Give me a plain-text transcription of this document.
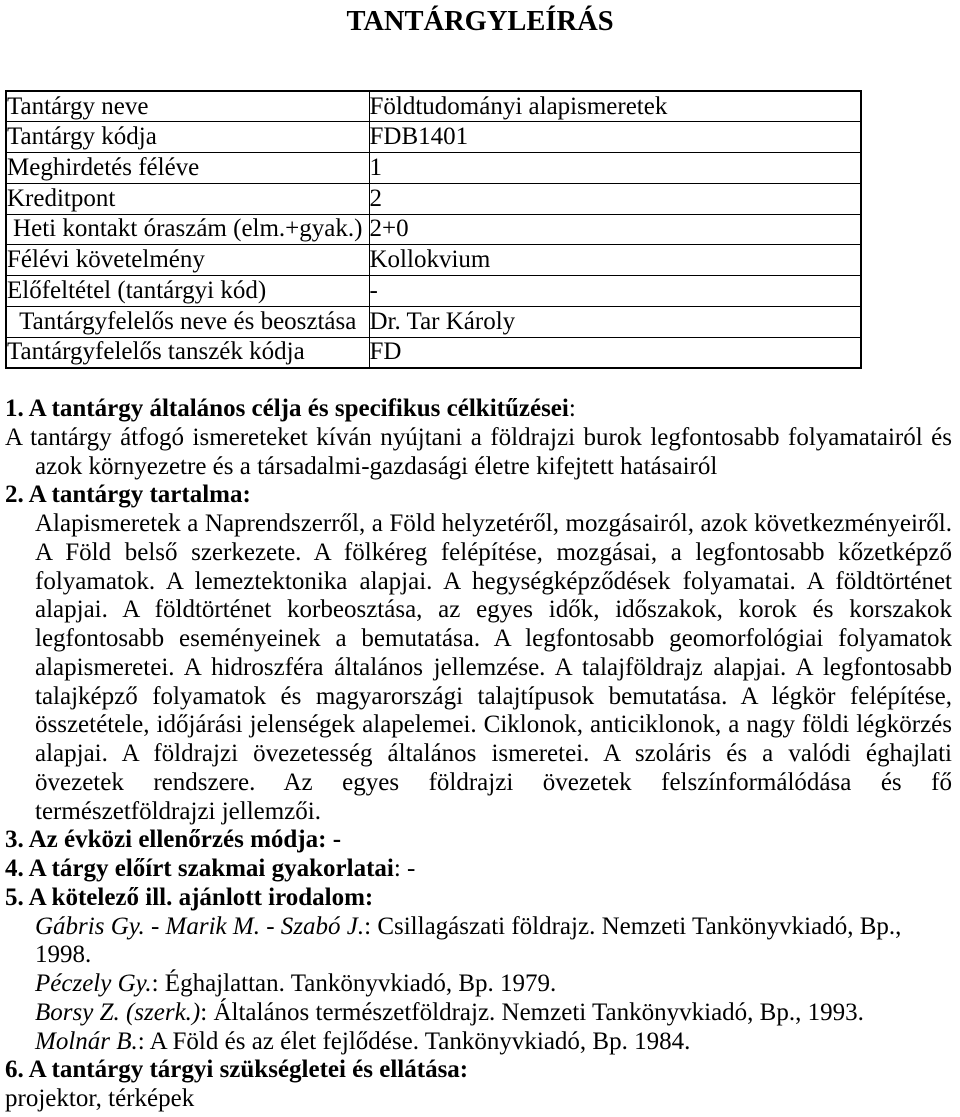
TANTÁRGYLEÍRÁS
Tantárgy neve	Földtudományi alapismeretek
Tantárgy kódja	FDB1401
Meghirdetés féléve	1
Kreditpont	2
Heti kontakt óraszám (elm.+gyak.)	2+0
Félévi követelmény	Kollokvium
Előfeltétel (tantárgyi kód)	-
Tantárgyfelelős neve és beosztása	Dr. Tar Károly
Tantárgyfelelős tanszék kódja	FD
1. A tantárgy általános célja és specifikus célkitűzései:
A tantárgy átfogó ismereteket kíván nyújtani a földrajzi burok legfontosabb folyamatairól és
azok környezetre és a társadalmi-gazdasági életre kifejtett hatásairól
2. A tantárgy tartalma:
Alapismeretek a Naprendszerről, a Föld helyzetéről, mozgásairól, azok következményeiről.
A Föld belső szerkezete. A fölkéreg felépítése, mozgásai, a legfontosabb kőzetképző
folyamatok. A lemeztektonika alapjai. A hegységképződések folyamatai. A földtörténet
alapjai. A földtörténet korbeosztása, az egyes idők, időszakok, korok és korszakok
legfontosabb eseményeinek a bemutatása. A legfontosabb geomorfológiai folyamatok
alapismeretei. A hidroszféra általános jellemzése. A talajföldrajz alapjai. A legfontosabb
talajképző folyamatok és magyarországi talajtípusok bemutatása. A légkör felépítése,
összetétele, időjárási jelenségek alapelemei. Ciklonok, anticiklonok, a nagy földi légkörzés
alapjai. A földrajzi övezetesség általános ismeretei. A szoláris és a valódi éghajlati
övezetek rendszere. Az egyes földrajzi övezetek felszínformálódása és fő
természetföldrajzi jellemzői.
3. Az évközi ellenőrzés módja: -
4. A tárgy előírt szakmai gyakorlatai: -
5. A kötelező ill. ajánlott irodalom:
Gábris Gy. - Marik M. - Szabó J.: Csillagászati földrajz. Nemzeti Tankönyvkiadó, Bp.,
1998.
Péczely Gy.: Éghajlattan. Tankönyvkiadó, Bp. 1979.
Borsy Z. (szerk.): Általános természetföldrajz. Nemzeti Tankönyvkiadó, Bp., 1993.
Molnár B.: A Föld és az élet fejlődése. Tankönyvkiadó, Bp. 1984.
6. A tantárgy tárgyi szükségletei és ellátása:
projektor, térképek
